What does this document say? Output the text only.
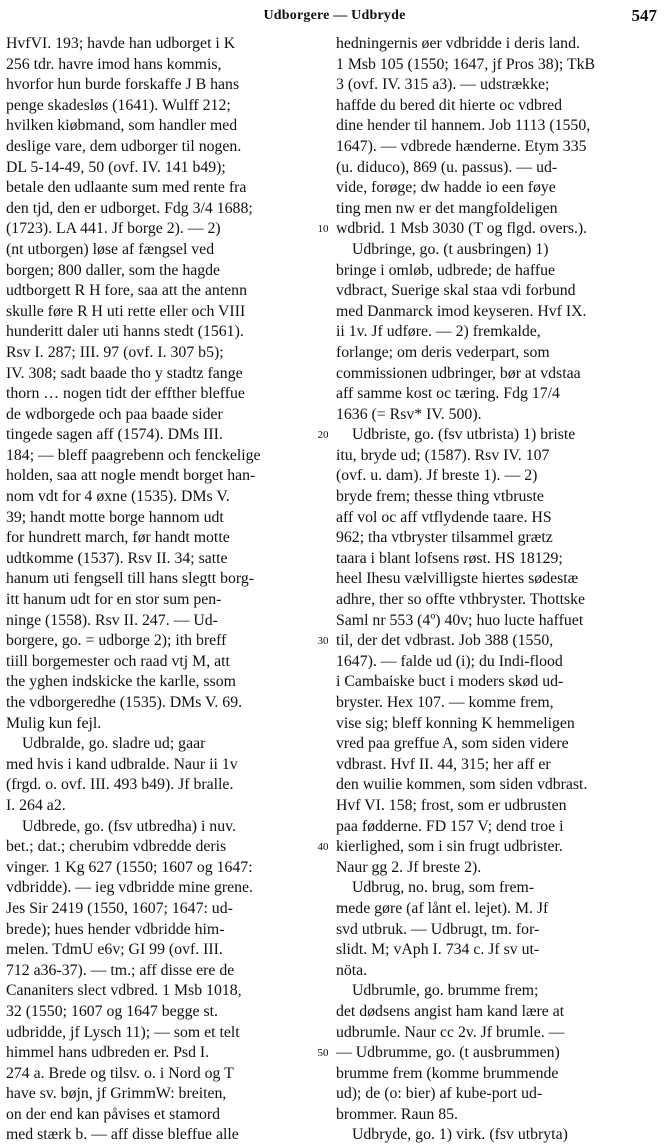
Udborgere — Udbryde	547
HvfVI. 193; havde han udborget i K
256 tdr. havre imod hans kommis,
hvorfor hun burde forskaffe J B hans
penge skadesløs (1641). Wulff 212;
hvilken kiøbmand, som handler med
deslige vare, dem udborger til nogen.
DL 5-14-49, 50 (ovf. IV. 141 b49);
betale den udlaante sum med rente fra
den tjd, den er udborget. Fdg 3/4 1688;
(1723). LA 441. Jf borge 2). — 2)
(nt utborgen) løse af fængsel ved
borgen; 800 daller, som the hagde
udtborgett R H fore, saa att the antenn
skulle føre R H uti rette eller och VIII
hunderitt daler uti hanns stedt (1561).
Rsv I. 287; III. 97 (ovf. I. 307 b5);
IV. 308; sadt baade tho y stadtz fange
thorn … nogen tidt der effther bleffue
de wdborgede och paa baade sider
tingede sagen aff (1574). DMs III.
184; — bleff paagrebenn och fenckelige
holden, saa att nogle mendt borget han-
nom vdt for 4 øxne (1535). DMs V.
39; handt motte borge hannom udt
for hundrett march, før handt motte
udtkomme (1537). Rsv II. 34; satte
hanum uti fengsell till hans slegtt borg-
itt hanum udt for en stor sum pen-
ninge (1558). Rsv II. 247. — Ud-
borgere, go. = udborge 2); ith breff
tiill borgemester och raad vtj M, att
the yghen indskicke the karlle, ssom
the vdborgeredhe (1535). DMs V. 69.
Mulig kun fejl.
Udbralde, go. sladre ud; gaar
med hvis i kand udbralde. Naur ii 1v
(frgd. o. ovf. III. 493 b49). Jf bralle.
I. 264 a2.
Udbrede, go. (fsv utbredha) i nuv.
bet.; dat.; cherubim vdbredde deris
vinger. 1 Kg 627 (1550; 1607 og 1647:
vdbridde). — ieg vdbridde mine grene.
Jes Sir 2419 (1550, 1607; 1647: ud-
brede); hues hender vdbridde him-
melen. TdmU e6v; GI 99 (ovf. III.
712 a36-37). — tm.; aff disse ere de
Cananiters slect vdbred. 1 Msb 1018,
32 (1550; 1607 og 1647 begge st.
udbridde, jf Lysch 11); — som et telt
himmel hans udbreden er. Psd I.
274 a. Brede og tilsv. o. i Nord og T
have sv. bøjn, jf GrimmW: breiten,
on der end kan påvises et stamord
med stærk b. — aff disse bleffue alle
10
20
30
40
50
hedningernis øer vdbridde i deris land.
1 Msb 105 (1550; 1647, jf Pros 38); TkB
3 (ovf. IV. 315 a3). — udstrække;
haffde du bered dit hierte oc vdbred
dine hender til hannem. Job 1113 (1550,
1647). — vdbrede hænderne. Etym 335
(u. diduco), 869 (u. passus). — ud-
vide, forøge; dw hadde io een føye
ting men nw er det mangfoldeligen
wdbrid. 1 Msb 3030 (T og flgd. overs.).
Udbringe, go. (t ausbringen) 1)
bringe i omløb, udbrede; de haffue
vdbract, Suerige skal staa vdi forbund
med Danmarck imod keyseren. Hvf IX.
ii 1v. Jf udføre. — 2) fremkalde,
forlange; om deris vederpart, som
commissionen udbringer, bør at vdstaa
aff samme kost oc tæring. Fdg 17/4
1636 (= Rsv* IV. 500).
Udbriste, go. (fsv utbrista) 1) briste
itu, bryde ud; (1587). Rsv IV. 107
(ovf. u. dam). Jf breste 1). — 2)
bryde frem; thesse thing vtbruste
aff vol oc aff vtflydende taare. HS
962; tha vtbryster tilsammel grætz
taara i blant lofsens røst. HS 18129;
heel Ihesu vælvilligste hiertes sødestæ
adhre, ther so offte vthbryster. Thottske
Saml nr 553 (4º) 40v; huo lucte haffuet
til, der det vdbrast. Job 388 (1550,
1647). — falde ud (i); du Indi-flood
i Cambaiske buct i moders skød ud-
bryster. Hex 107. — komme frem,
vise sig; bleff konning K hemmeligen
vred paa greffue A, som siden videre
vdbrast. Hvf II. 44, 315; her aff er
den wuilie kommen, som siden vdbrast.
Hvf VI. 158; frost, som er udbrusten
paa fødderne. FD 157 V; dend troe i
kierlighed, som i sin frugt udbrister.
Naur gg 2. Jf breste 2).
Udbrug, no. brug, som frem-
mede gøre (af lånt el. lejet). M. Jf
svd utbruk. — Udbrugt, tm. for-
slidt. M; vAph I. 734 c. Jf sv ut-
nöta.
Udbrumle, go. brumme frem;
det dødsens angist ham kand lære at
udbrumle. Naur cc 2v. Jf brumle. —
— Udbrumme, go. (t ausbrummen)
brumme frem (komme brummende
ud); de (o: bier) af kube-port ud-
brommer. Raun 85.
Udbryde, go. 1) virk. (fsv utbryta)
